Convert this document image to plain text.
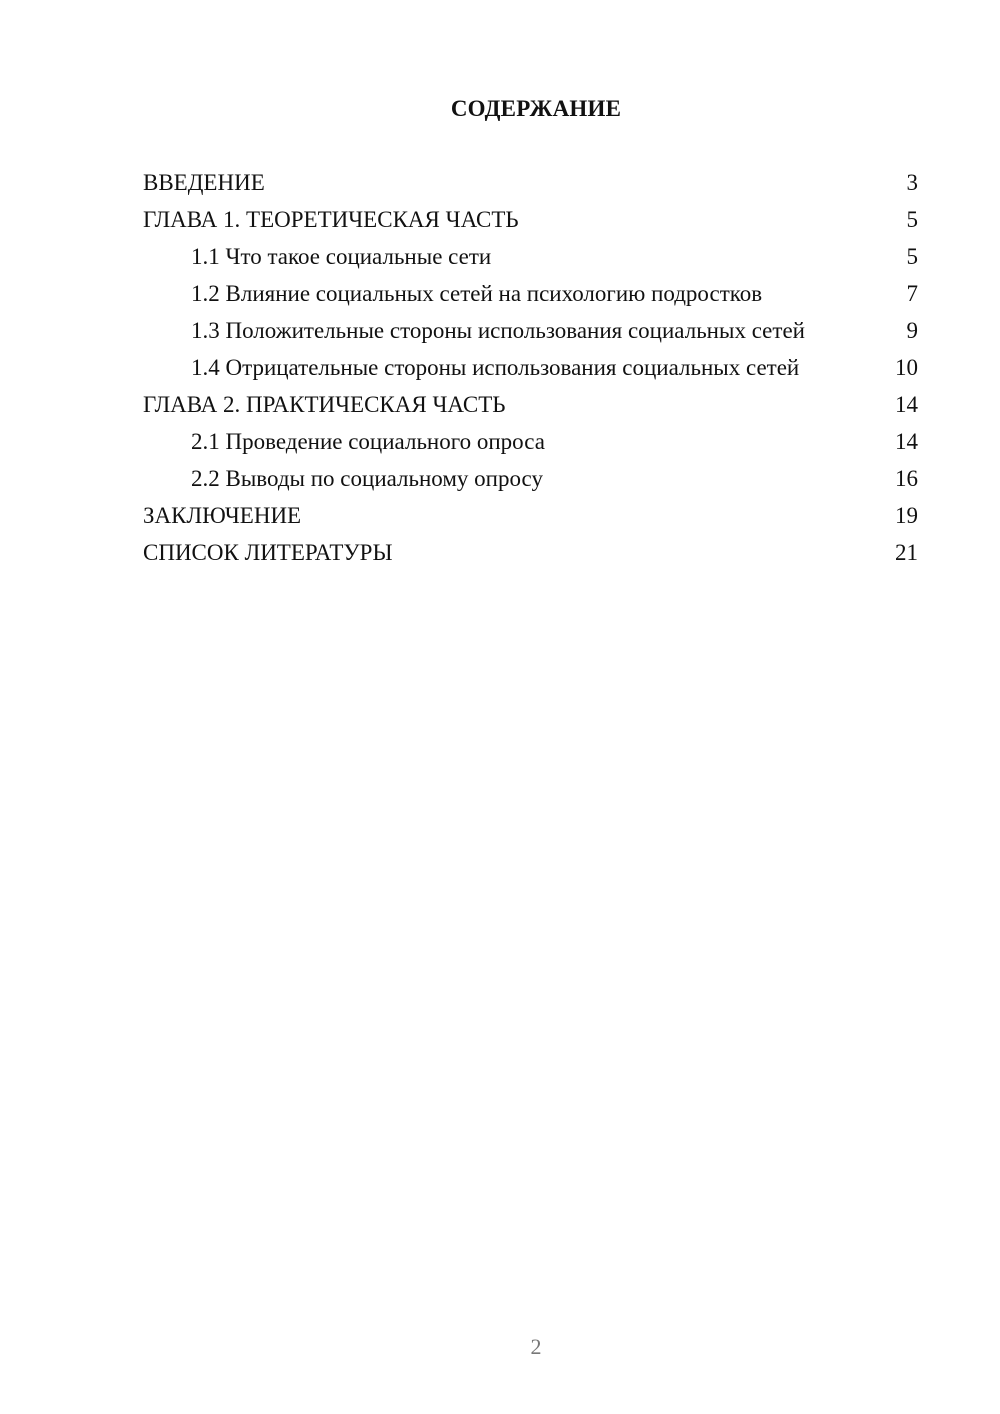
СОДЕРЖАНИЕ
ВВЕДЕНИЕ	3
ГЛАВА 1. ТЕОРЕТИЧЕСКАЯ ЧАСТЬ	5
1.1 Что такое социальные сети	5
1.2 Влияние социальных сетей на психологию подростков	7
1.3 Положительные стороны использования социальных сетей	9
1.4 Отрицательные стороны использования социальных сетей	10
ГЛАВА 2. ПРАКТИЧЕСКАЯ ЧАСТЬ	14
2.1 Проведение социального опроса	14
2.2 Выводы по социальному опросу	16
ЗАКЛЮЧЕНИЕ	19
СПИСОК ЛИТЕРАТУРЫ	21
2
